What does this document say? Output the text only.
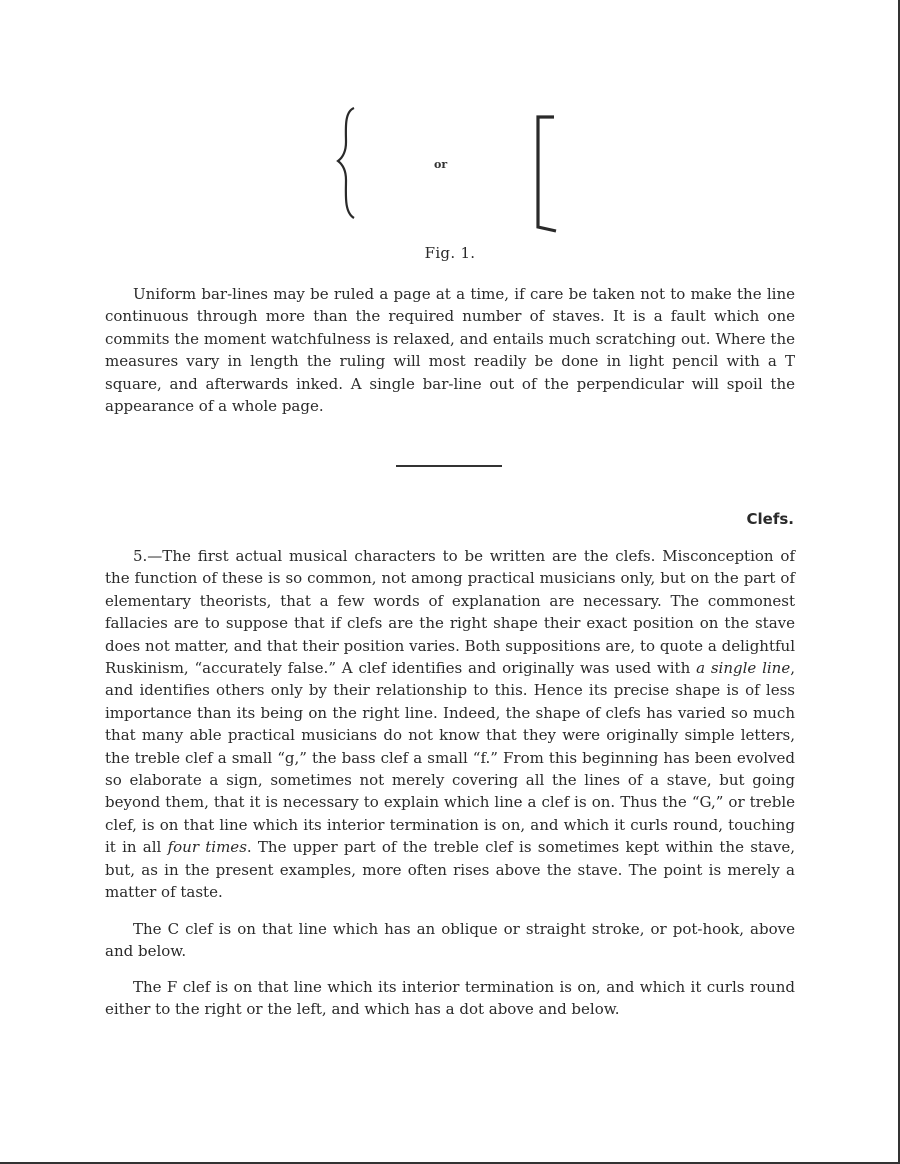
or
Fig. 1.

Uniform bar-lines may be ruled a page at a time, if care be taken not to make the line continuous through more than the required number of staves. It is a fault which one commits the moment watchfulness is relaxed, and entails much scratching out. Where the measures vary in length the ruling will most readily be done in light pencil with a T square, and afterwards inked. A single bar-line out of the perpendicular will spoil the appearance of a whole page.

Clefs.

5.—The first actual musical characters to be written are the clefs. Misconception of the function of these is so common, not among practical musicians only, but on the part of elementary theorists, that a few words of explanation are necessary. The commonest fallacies are to suppose that if clefs are the right shape their exact position on the stave does not matter, and that their position varies. Both suppositions are, to quote a delightful Ruskinism, “accurately false.” A clef identifies and originally was used with a single line, and identifies others only by their relationship to this. Hence its precise shape is of less importance than its being on the right line. Indeed, the shape of clefs has varied so much that many able practical musicians do not know that they were originally simple letters, the treble clef a small “g,” the bass clef a small “f.” From this beginning has been evolved so elaborate a sign, sometimes not merely covering all the lines of a stave, but going beyond them, that it is necessary to explain which line a clef is on. Thus the “G,” or treble clef, is on that line which its interior termination is on, and which it curls round, touching it in all four times. The upper part of the treble clef is sometimes kept within the stave, but, as in the present examples, more often rises above the stave. The point is merely a matter of taste.

The C clef is on that line which has an oblique or straight stroke, or pot-hook, above and below.

The F clef is on that line which its interior termination is on, and which it curls round either to the right or the left, and which has a dot above and below.
